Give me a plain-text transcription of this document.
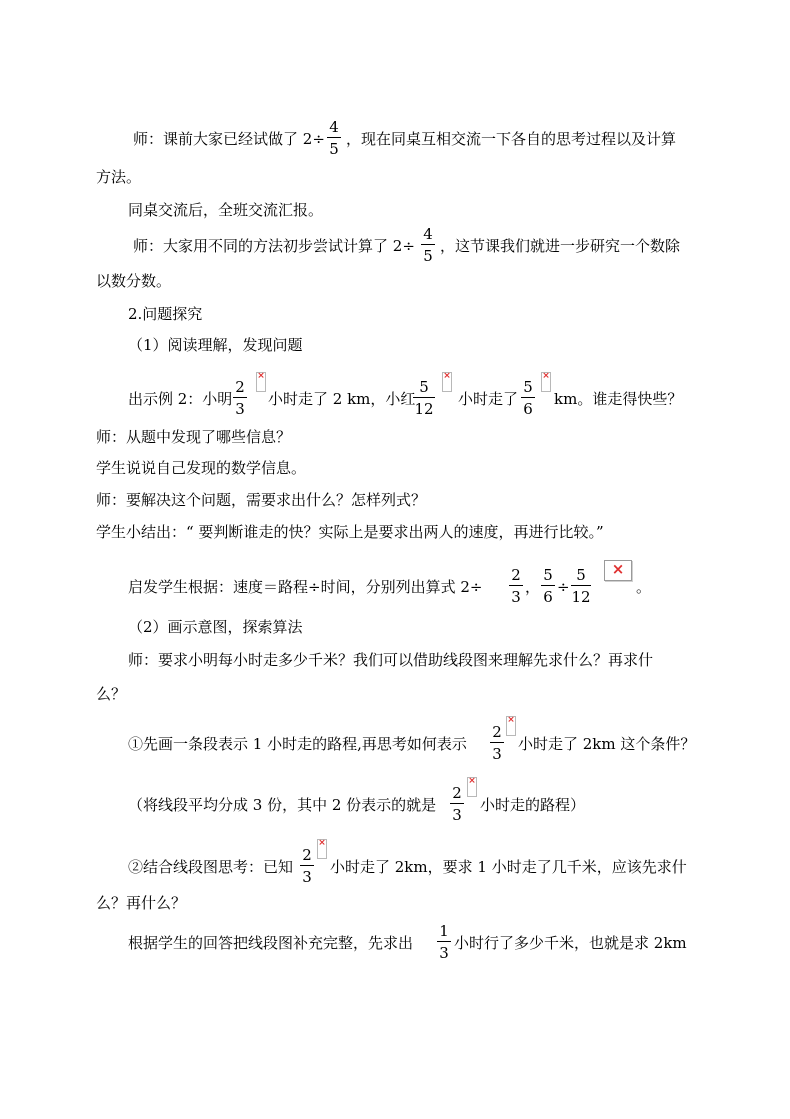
师：课前大家已经试做了 2÷
4
5
，现在同桌互相交流一下各自的思考过程以及计算
方法。
同桌交流后，全班交流汇报。
师：大家用不同的方法初步尝试计算了 2÷
4
5
，这节课我们就进一步研究一个数除
以数分数。
2.问题探究
（1）阅读理解，发现问题
出示例 2：小明
2
3
×
小时走了 2 km，小红
5
12
×
小时走了
5
6
×
km。谁走得快些？
师：从题中发现了哪些信息？
学生说说自己发现的数学信息。
师：要解决这个问题，需要求出什么？怎样列式？
学生小结出：“ 要判断谁走的快？实际上是要求出两人的速度，再进行比较。”
启发学生根据：速度＝路程÷时间，分别列出算式 2÷
2
3
，
5
6
÷
5
12
×
。
（2）画示意图，探索算法
师：要求小明每小时走多少千米？我们可以借助线段图来理解先求什么？再求什
么？
①先画一条段表示 1 小时走的路程,再思考如何表示
2
3
×
小时走了 2km 这个条件？
（将线段平均分成 3 份，其中 2 份表示的就是
2
3
×
小时走的路程）
②结合线段图思考：已知
2
3
×
小时走了 2km，要求 1 小时走了几千米，应该先求什
么？再什么？
根据学生的回答把线段图补充完整，先求出
1
3
小时行了多少千米，也就是求 2km
